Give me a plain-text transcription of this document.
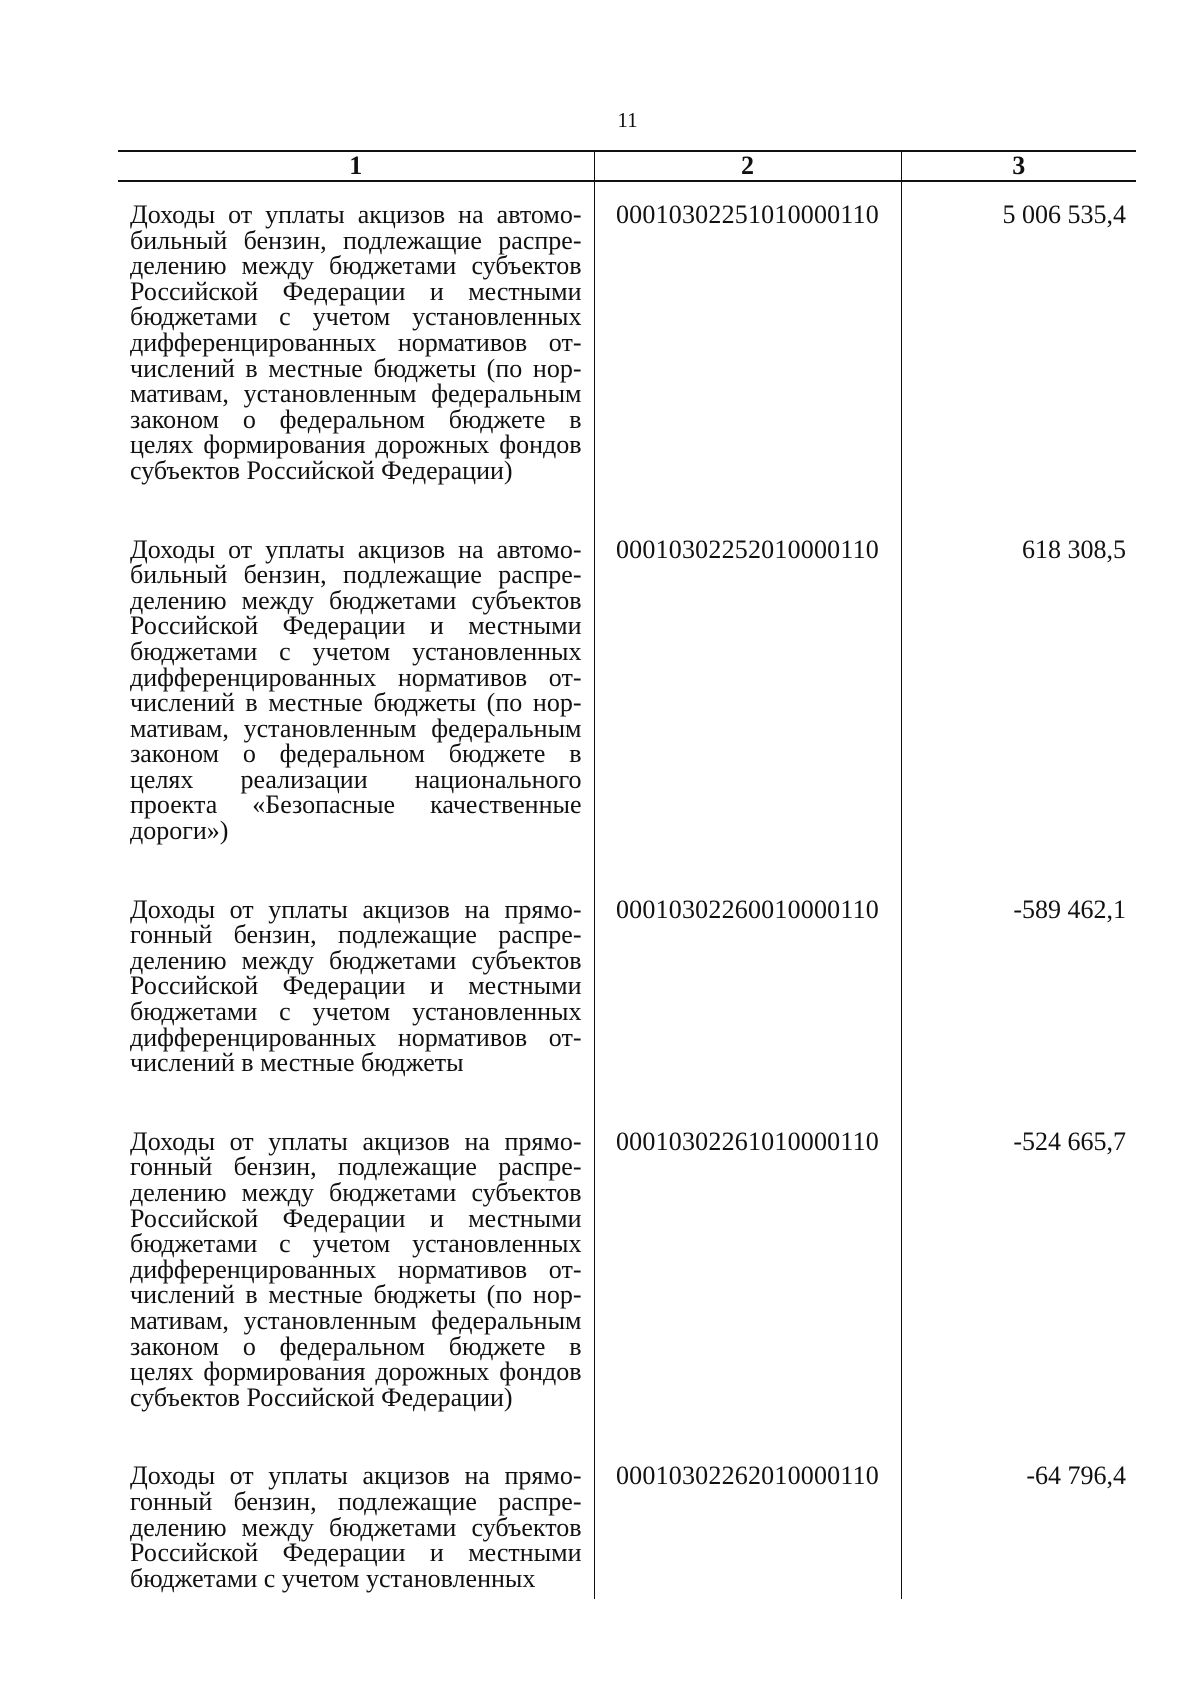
11
1	2	3
Доходы от уплаты акцизов на автомобильный бензин, подлежащие распределению между бюджетами субъектов Российской Федерации и местными бюджетами с учетом установленных дифференцированных нормативов отчислений в местные бюджеты (по нормативам, установленным федеральным законом о федеральном бюджете в целях формирования дорожных фондов субъектов Российской Федерации)	00010302251010000110	5 006 535,4
Доходы от уплаты акцизов на автомобильный бензин, подлежащие распределению между бюджетами субъектов Российской Федерации и местными бюджетами с учетом установленных дифференцированных нормативов отчислений в местные бюджеты (по нормативам, установленным федеральным законом о федеральном бюджете в целях реализации национального проекта «Безопасные качественные дороги»)	00010302252010000110	618 308,5
Доходы от уплаты акцизов на прямогонный бензин, подлежащие распределению между бюджетами субъектов Российской Федерации и местными бюджетами с учетом установленных дифференцированных нормативов отчислений в местные бюджеты	00010302260010000110	-589 462,1
Доходы от уплаты акцизов на прямогонный бензин, подлежащие распределению между бюджетами субъектов Российской Федерации и местными бюджетами с учетом установленных дифференцированных нормативов отчислений в местные бюджеты (по нормативам, установленным федеральным законом о федеральном бюджете в целях формирования дорожных фондов субъектов Российской Федерации)	00010302261010000110	-524 665,7
Доходы от уплаты акцизов на прямогонный бензин, подлежащие распределению между бюджетами субъектов Российской Федерации и местными бюджетами с учетом установленных	00010302262010000110	-64 796,4
